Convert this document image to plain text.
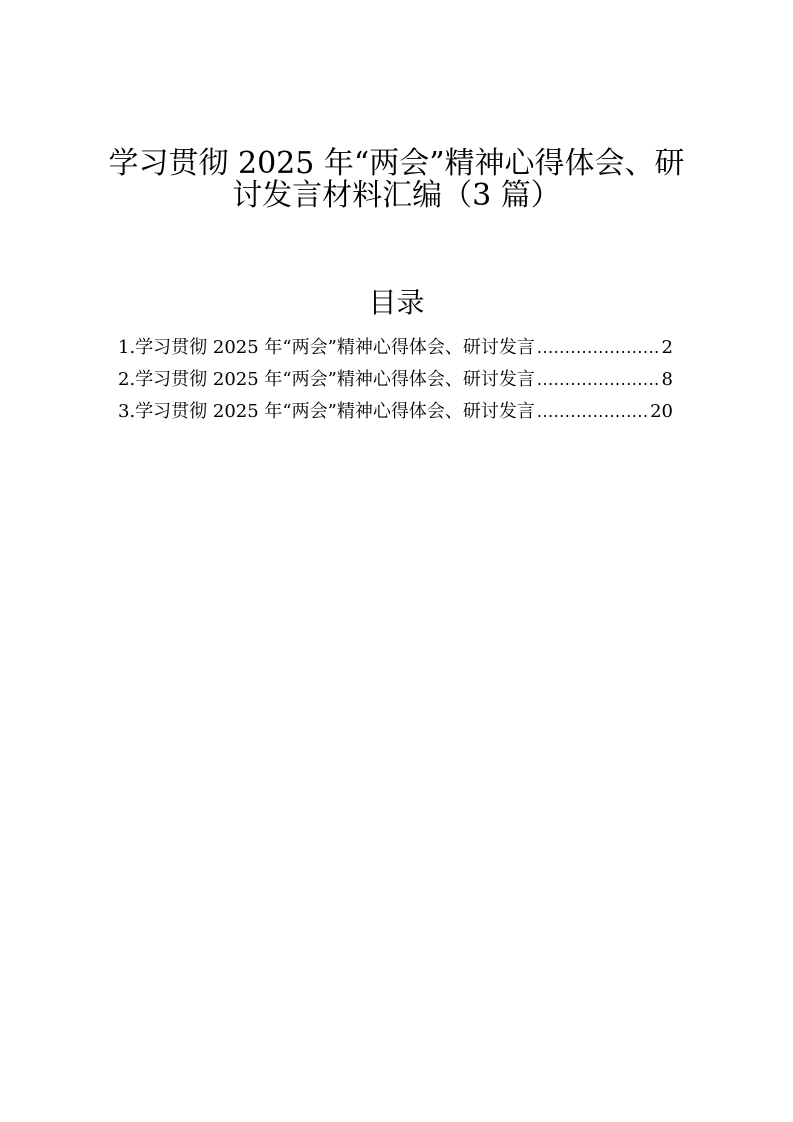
学习贯彻 2025 年“两会”精神心得体会、研
讨发言材料汇编（3 篇）
目录
1.学习贯彻 2025 年“两会”精神心得体会、研讨发言 .....	2
2.学习贯彻 2025 年“两会”精神心得体会、研讨发言 .....	8
3.学习贯彻 2025 年“两会”精神心得体会、研讨发言 .....	20
